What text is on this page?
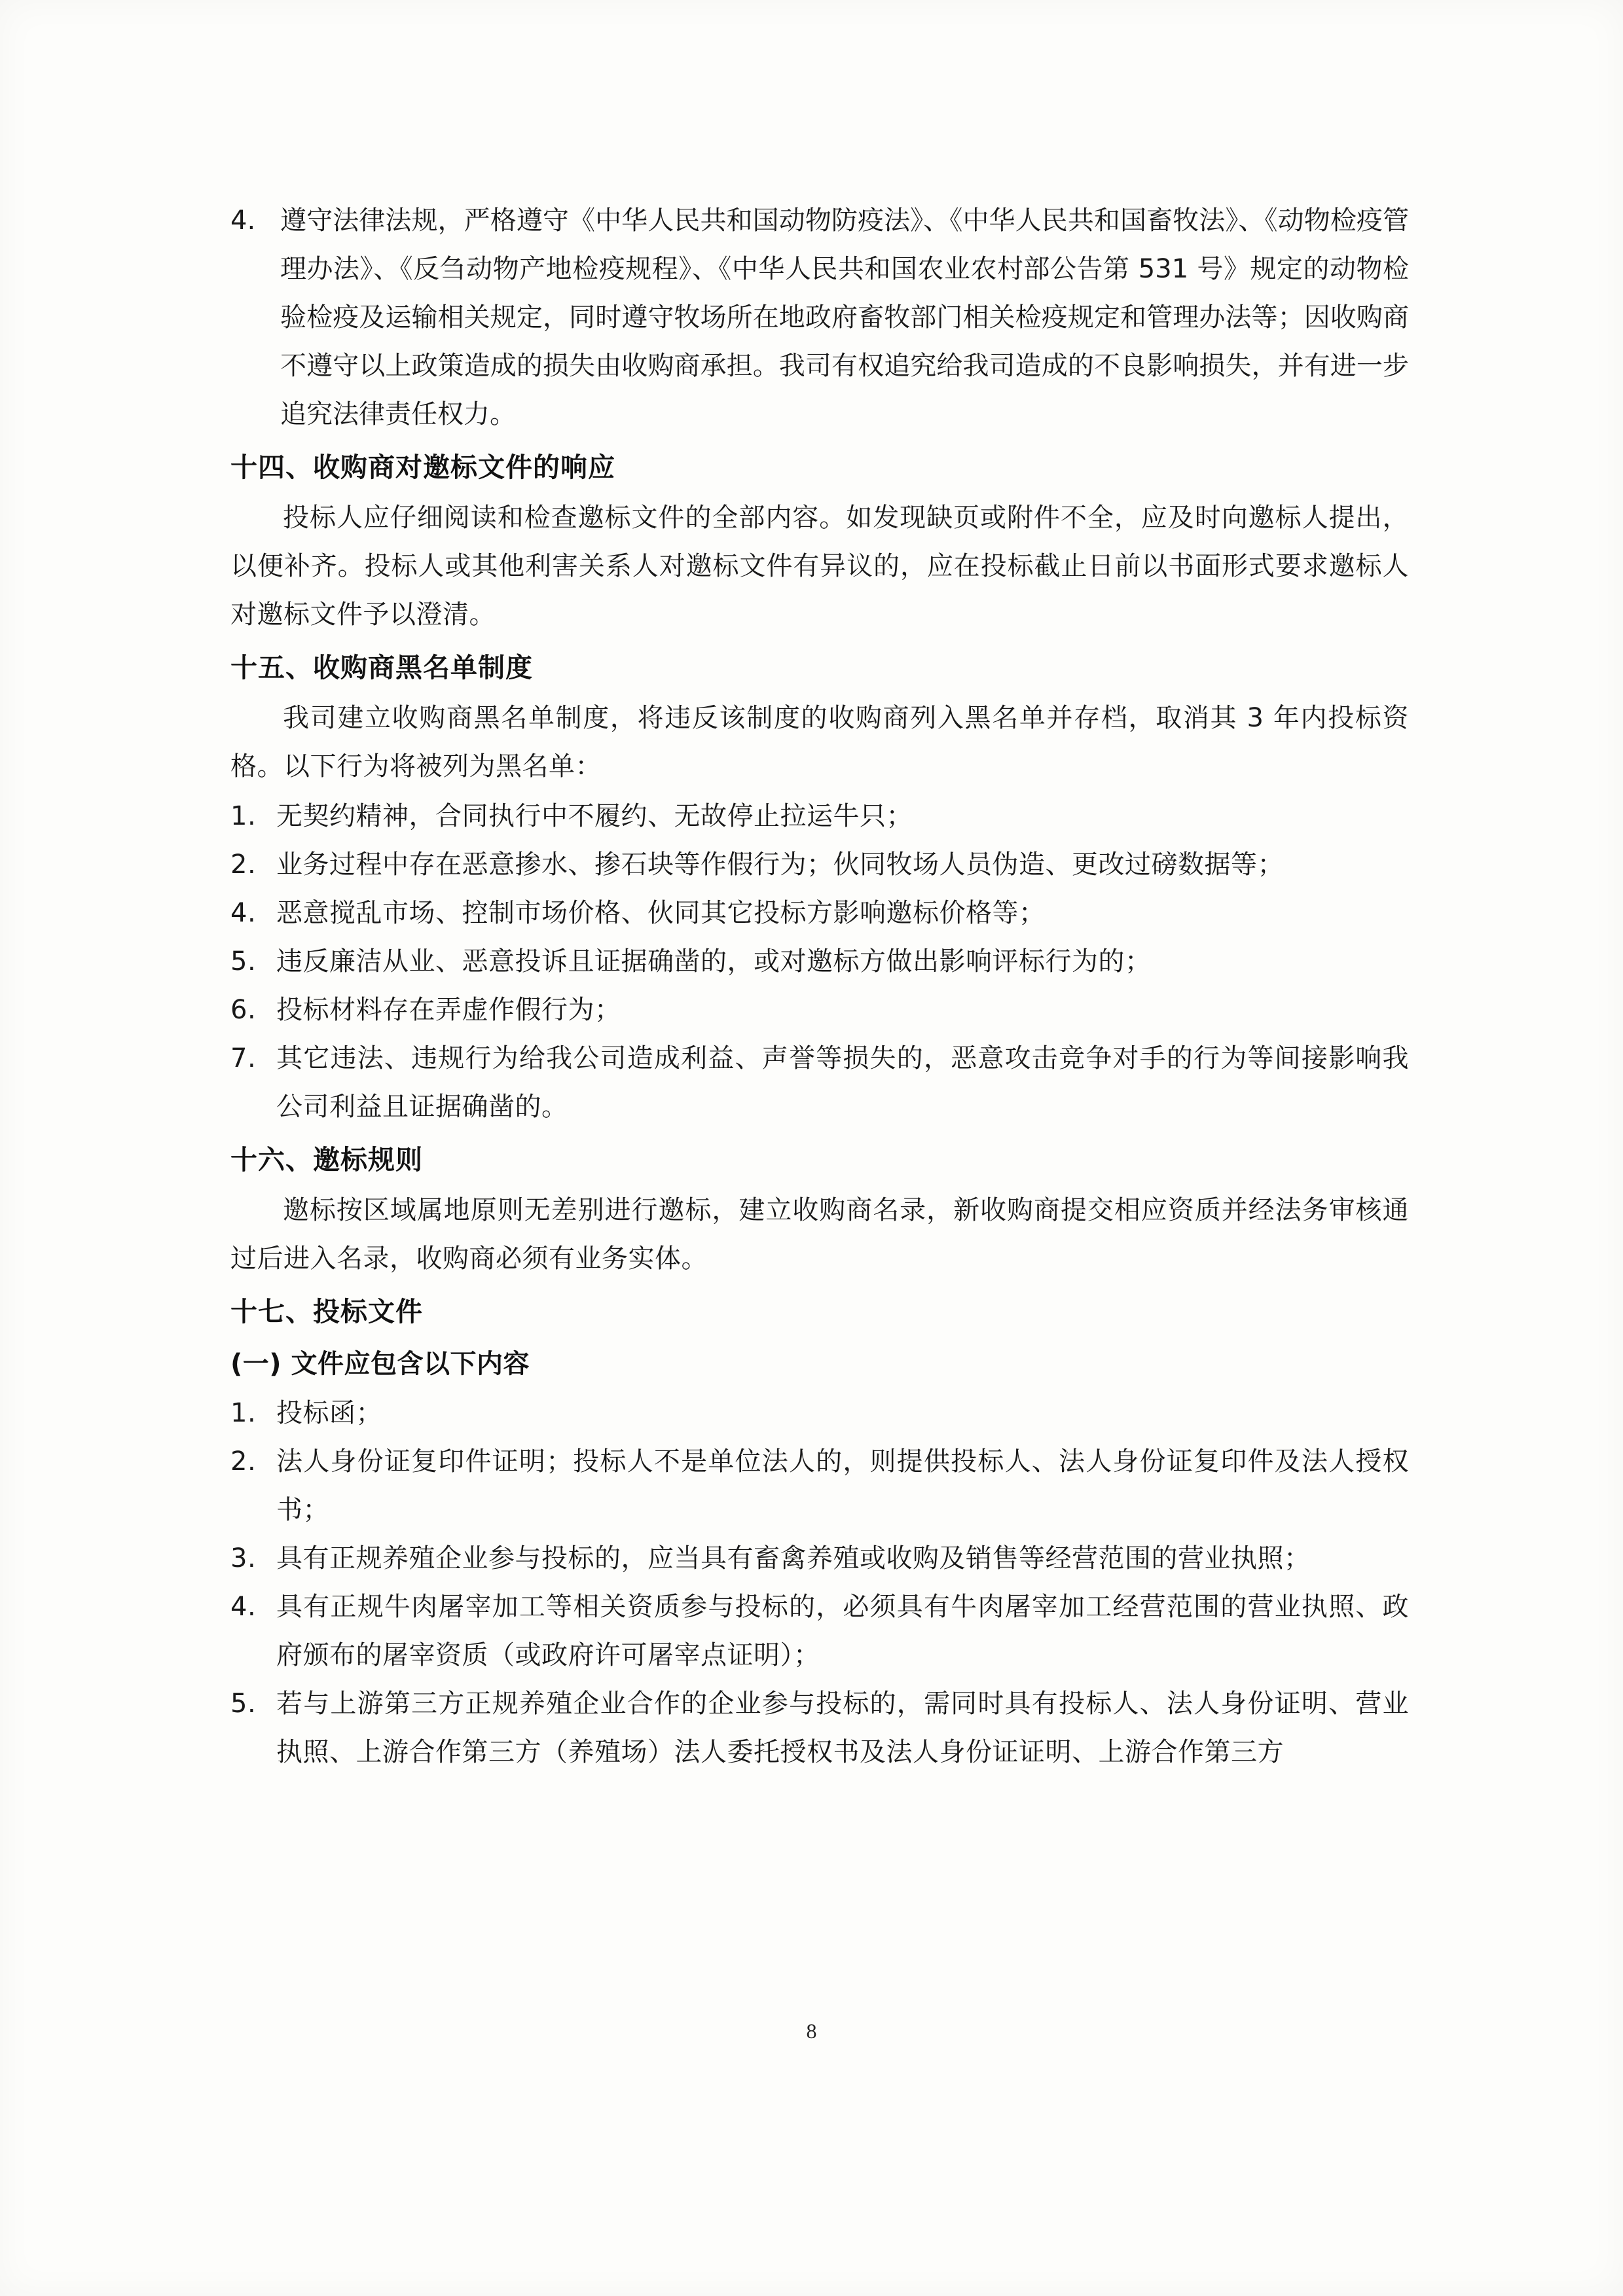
4. 遵守法律法规，严格遵守《中华人民共和国动物防疫法》、《中华人民共和国畜牧法》、《动物检疫管理办法》、《反刍动物产地检疫规程》、《中华人民共和国农业农村部公告第 531 号》规定的动物检验检疫及运输相关规定，同时遵守牧场所在地政府畜牧部门相关检疫规定和管理办法等；因收购商不遵守以上政策造成的损失由收购商承担。我司有权追究给我司造成的不良影响损失，并有进一步追究法律责任权力。
十四、收购商对邀标文件的响应

投标人应仔细阅读和检查邀标文件的全部内容。如发现缺页或附件不全，应及时向邀标人提出，以便补齐。投标人或其他利害关系人对邀标文件有异议的，应在投标截止日前以书面形式要求邀标人对邀标文件予以澄清。

十五、收购商黑名单制度

我司建立收购商黑名单制度，将违反该制度的收购商列入黑名单并存档，取消其 3 年内投标资格。以下行为将被列为黑名单：

1. 无契约精神，合同执行中不履约、无故停止拉运牛只；
2. 业务过程中存在恶意掺水、掺石块等作假行为；伙同牧场人员伪造、更改过磅数据等；
4. 恶意搅乱市场、控制市场价格、伙同其它投标方影响邀标价格等；
5. 违反廉洁从业、恶意投诉且证据确凿的，或对邀标方做出影响评标行为的；
6. 投标材料存在弄虚作假行为；
7. 其它违法、违规行为给我公司造成利益、声誉等损失的，恶意攻击竞争对手的行为等间接影响我公司利益且证据确凿的。
十六、邀标规则

邀标按区域属地原则无差别进行邀标，建立收购商名录，新收购商提交相应资质并经法务审核通过后进入名录，收购商必须有业务实体。

十七、投标文件
(一) 文件应包含以下内容
1. 投标函；
2. 法人身份证复印件证明；投标人不是单位法人的，则提供投标人、法人身份证复印件及法人授权书；
3. 具有正规养殖企业参与投标的，应当具有畜禽养殖或收购及销售等经营范围的营业执照；
4. 具有正规牛肉屠宰加工等相关资质参与投标的，必须具有牛肉屠宰加工经营范围的营业执照、政府颁布的屠宰资质（或政府许可屠宰点证明）；
5. 若与上游第三方正规养殖企业合作的企业参与投标的，需同时具有投标人、法人身份证明、营业执照、上游合作第三方（养殖场）法人委托授权书及法人身份证证明、上游合作第三方
8
